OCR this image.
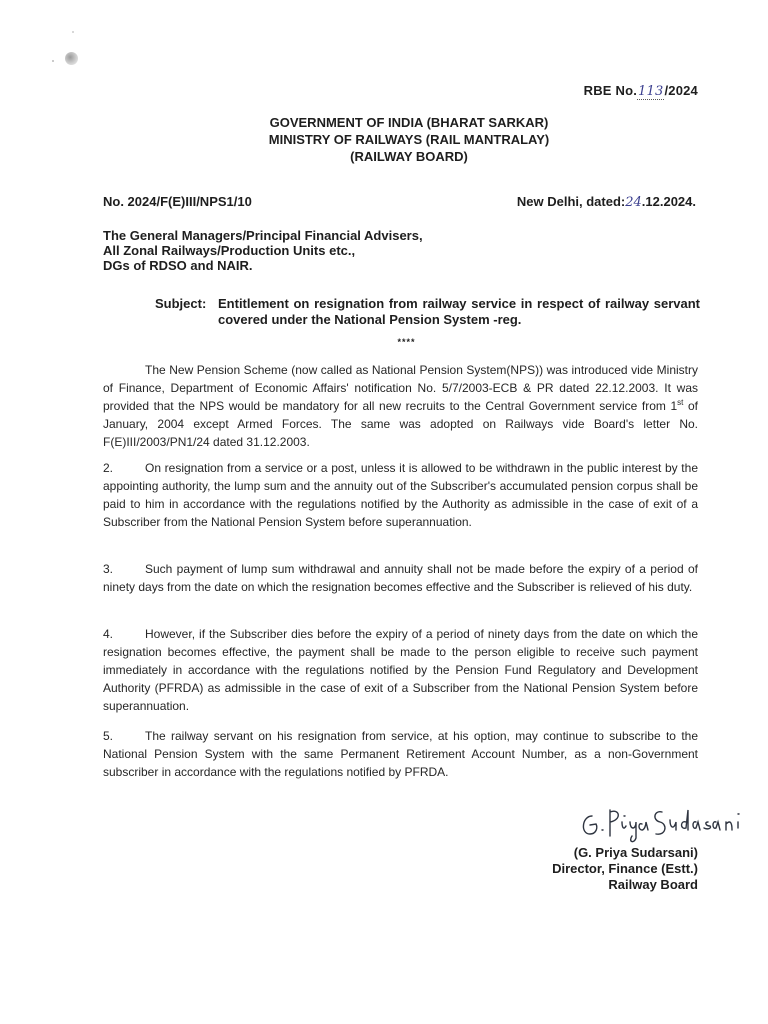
RBE No.113/2024
GOVERNMENT OF INDIA (BHARAT SARKAR)
MINISTRY OF RAILWAYS (RAIL MANTRALAY)
(RAILWAY BOARD)
No. 2024/F(E)III/NPS1/10	New Delhi, dated:24.12.2024.
The General Managers/Principal Financial Advisers,
All Zonal Railways/Production Units etc.,
DGs of RDSO and NAIR.
Subject: Entitlement on resignation from railway service in respect of railway servant covered under the National Pension System -reg.
****
The New Pension Scheme (now called as National Pension System(NPS)) was introduced vide Ministry of Finance, Department of Economic Affairs' notification No. 5/7/2003-ECB & PR dated 22.12.2003. It was provided that the NPS would be mandatory for all new recruits to the Central Government service from 1st of January, 2004 except Armed Forces. The same was adopted on Railways vide Board's letter No. F(E)III/2003/PN1/24 dated 31.12.2003.
2.	On resignation from a service or a post, unless it is allowed to be withdrawn in the public interest by the appointing authority, the lump sum and the annuity out of the Subscriber's accumulated pension corpus shall be paid to him in accordance with the regulations notified by the Authority as admissible in the case of exit of a Subscriber from the National Pension System before superannuation.
3.	Such payment of lump sum withdrawal and annuity shall not be made before the expiry of a period of ninety days from the date on which the resignation becomes effective and the Subscriber is relieved of his duty.
4.	However, if the Subscriber dies before the expiry of a period of ninety days from the date on which the resignation becomes effective, the payment shall be made to the person eligible to receive such payment immediately in accordance with the regulations notified by the Pension Fund Regulatory and Development Authority (PFRDA) as admissible in the case of exit of a Subscriber from the National Pension System before superannuation.
5.	The railway servant on his resignation from service, at his option, may continue to subscribe to the National Pension System with the same Permanent Retirement Account Number, as a non-Government subscriber in accordance with the regulations notified by PFRDA.
(G. Priya Sudarsani)
Director, Finance (Estt.)
Railway Board
